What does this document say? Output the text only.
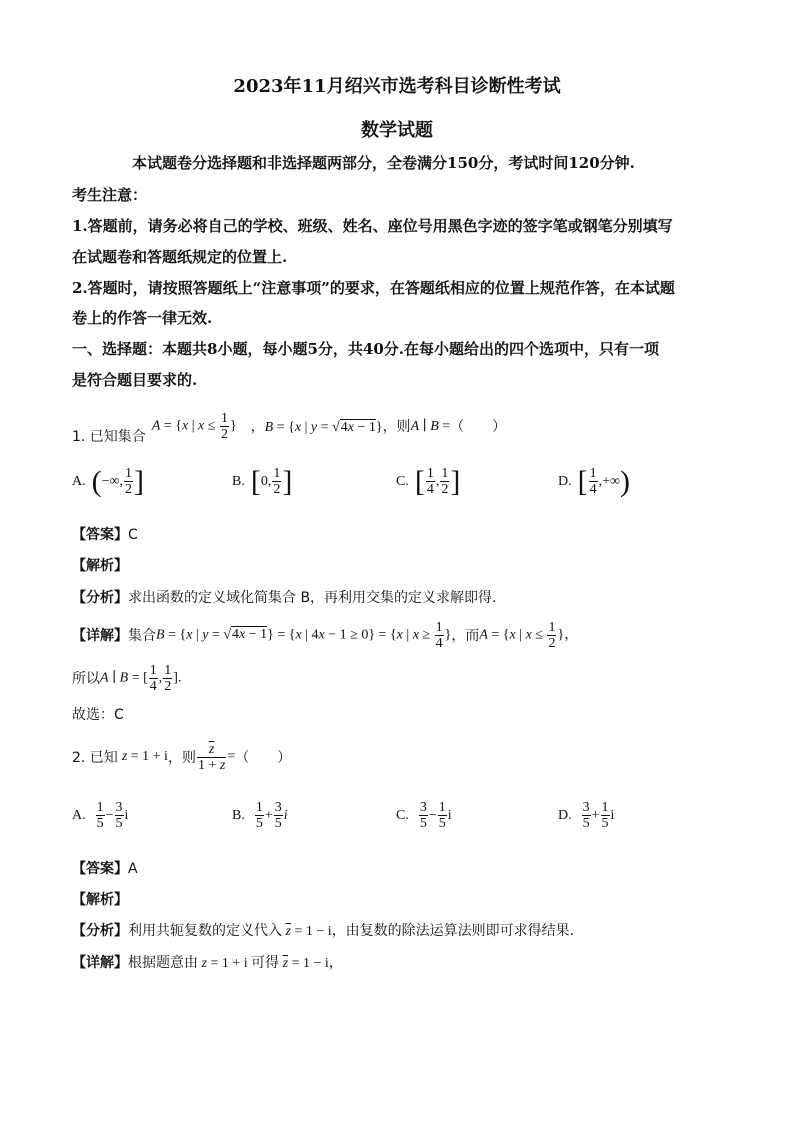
2023年11月绍兴市选考科目诊断性考试
数学试题
本试题卷分选择题和非选择题两部分，全卷满分150分，考试时间120分钟.
考生注意：
1.答题前，请务必将自己的学校、班级、姓名、座位号用黑色字迹的签字笔或钢笔分别填写
在试题卷和答题纸规定的位置上.
2.答题时，请按照答题纸上“注意事项”的要求，在答题纸相应的位置上规范作答，在本试题
卷上的作答一律无效.
一、选择题：本题共8小题，每小题5分，共40分.在每小题给出的四个选项中，只有一项
是符合题目要求的.
1. 已知集合
A = {x | $x \le \frac{1}{2}$ } ，B = {x | y = √4x − 1} ，则 A ∣ B = （　　）
A. ( −∞, $\frac{1}{2}$ ]	B. [ 0, $\frac{1}{2}$ ]	C. [ $\frac{1}{4}$ , $\frac{1}{2}$ ]	D. [ $\frac{1}{4}$ ,+∞ )
【答案】C
【解析】
【分析】求出函数的定义域化简集合 B，再利用交集的定义求解即得.
【详解】 集合 B = {x | y = √4x − 1} = {x | 4x − 1 ≥ 0} = {x | $x \ge \frac{1}{4}$ } ，而 A = {x | $x \le \frac{1}{2}$ }，
所以 A ∣ B = [ $\frac{1}{4}$ , $\frac{1}{2}$ ].
故选：C
2. 已知 z = 1 + i ，则 $\frac{\overline{z}}{1 + z}$ = （　　）
A. $\frac{1}{5} - \frac{3}{5}$ i	B. $\frac{1}{5} + \frac{3}{5}$ i	C. $\frac{3}{5} - \frac{1}{5}$ i	D. $\frac{3}{5} + \frac{1}{5}$ i
【答案】A
【解析】
【分析】利用共轭复数的定义代入 $\overline{z} = 1 - i$，由复数的除法运算法则即可求得结果.
【详解】根据题意由 z = 1 + i 可得 $\overline{z} = 1 - i$，
